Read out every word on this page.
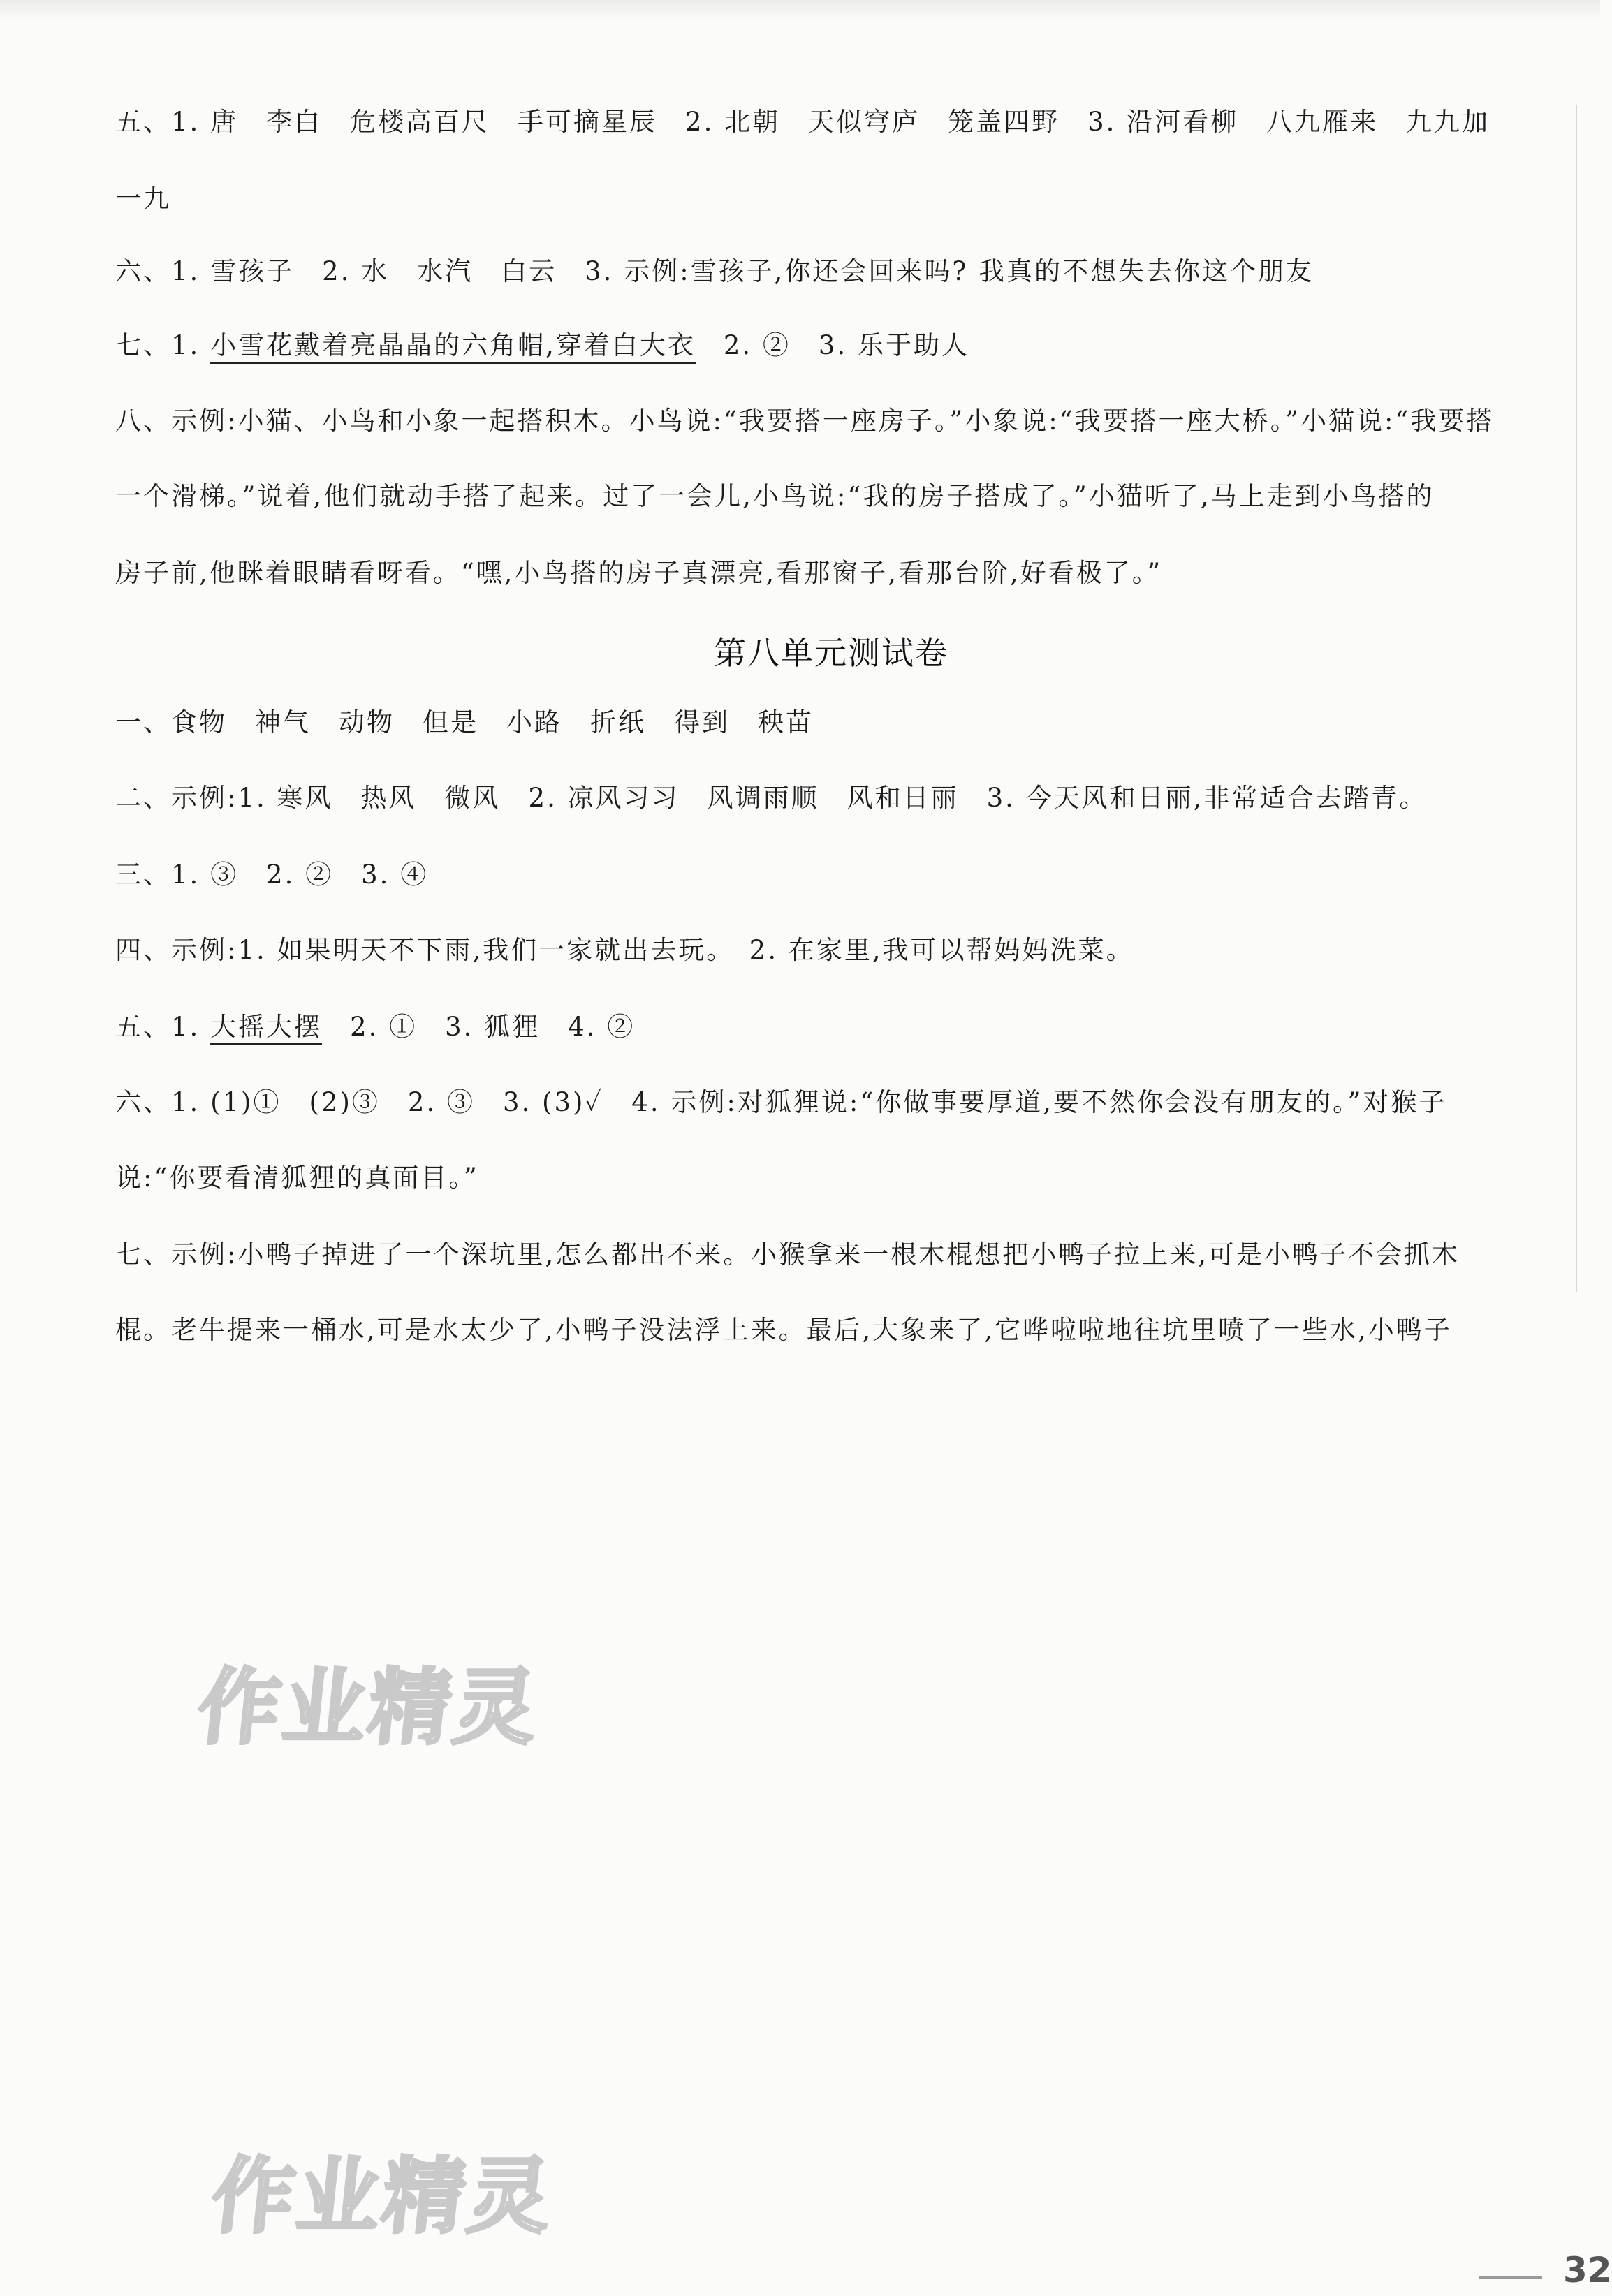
五、1. 唐　李白　危楼高百尺　手可摘星辰　2. 北朝　天似穹庐　笼盖四野　3. 沿河看柳　八九雁来　九九加
一九
六、1. 雪孩子　2. 水　水汽　白云　3. 示例:雪孩子,你还会回来吗? 我真的不想失去你这个朋友
七、1. 小雪花戴着亮晶晶的六角帽,穿着白大衣　2. ②　3. 乐于助人
八、示例:小猫、小鸟和小象一起搭积木。小鸟说:“我要搭一座房子。”小象说:“我要搭一座大桥。”小猫说:“我要搭
一个滑梯。”说着,他们就动手搭了起来。过了一会儿,小鸟说:“我的房子搭成了。”小猫听了,马上走到小鸟搭的
房子前,他眯着眼睛看呀看。“嘿,小鸟搭的房子真漂亮,看那窗子,看那台阶,好看极了。”
第八单元测试卷
一、食物　神气　动物　但是　小路　折纸　得到　秧苗
二、示例:1. 寒风　热风　微风　2. 凉风习习　风调雨顺　风和日丽　3. 今天风和日丽,非常适合去踏青。
三、1. ③　2. ②　3. ④
四、示例:1. 如果明天不下雨,我们一家就出去玩。　2. 在家里,我可以帮妈妈洗菜。
五、1. 大摇大摆　2. ①　3. 狐狸　4. ②
六、1. (1)①　(2)③　2. ③　3. (3)✓　4. 示例:对狐狸说:“你做事要厚道,要不然你会没有朋友的。”对猴子
说:“你要看清狐狸的真面目。”
七、示例:小鸭子掉进了一个深坑里,怎么都出不来。小猴拿来一根木棍想把小鸭子拉上来,可是小鸭子不会抓木
棍。老牛提来一桶水,可是水太少了,小鸭子没法浮上来。最后,大象来了,它哗啦啦地往坑里喷了一些水,小鸭子
作业精灵
作业精灵
32
